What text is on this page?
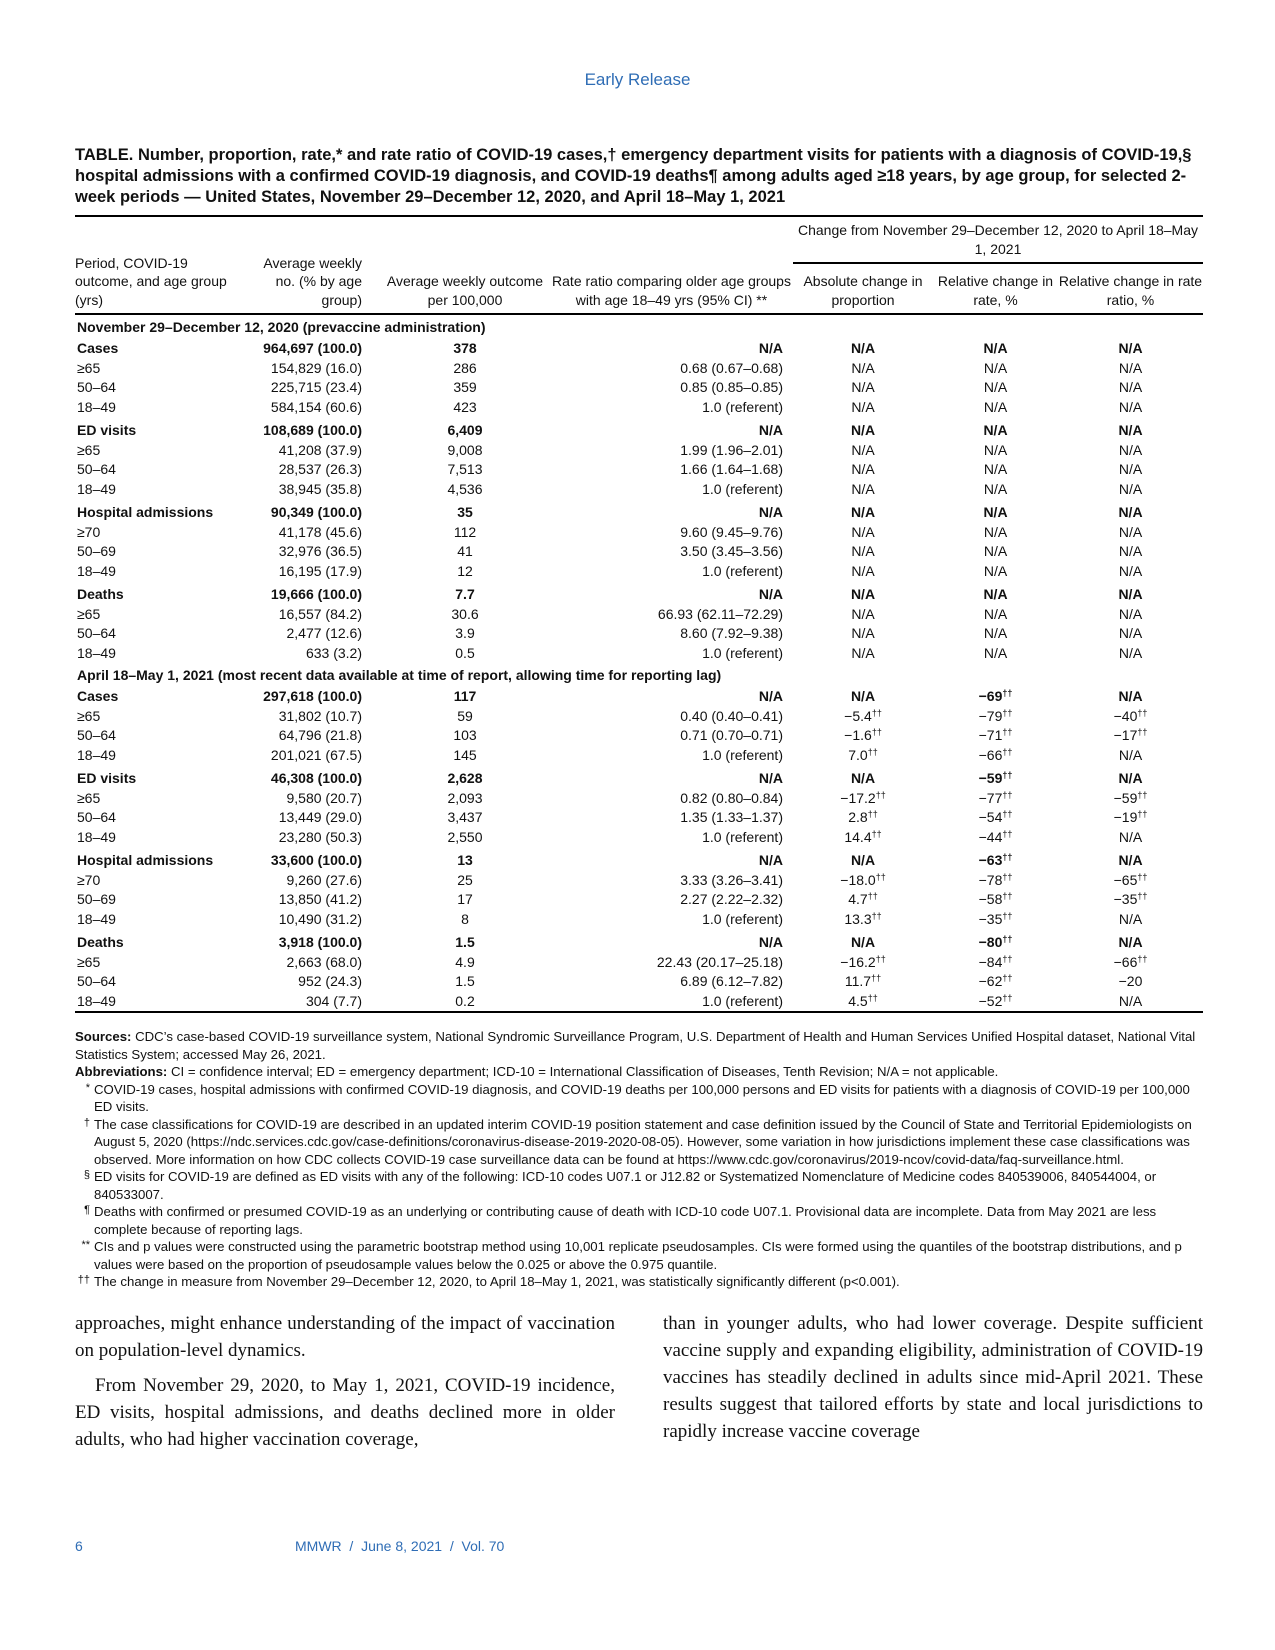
Early Release

TABLE. Number, proportion, rate,* and rate ratio of COVID-19 cases,† emergency department visits for patients with a diagnosis of COVID-19,§ hospital admissions with a confirmed COVID-19 diagnosis, and COVID-19 deaths¶ among adults aged ≥18 years, by age group, for selected 2-week periods — United States, November 29–December 12, 2020, and April 18–May 1, 2021

Period, COVID-19 outcome, and age group (yrs)	Average weekly no. (% by age group)	Average weekly outcome per 100,000	Rate ratio comparing older age groups with age 18–49 yrs (95% CI) **	Change from November 29–December 12, 2020 to April 18–May 1, 2021		
				Absolute change in proportion	Relative change in rate, %	Relative change in rate ratio, %
November 29–December 12, 2020 (prevaccine administration)						
Cases	964,697 (100.0)	378	N/A	N/A	N/A	N/A
≥65	154,829 (16.0)	286	0.68 (0.67–0.68)	N/A	N/A	N/A
50–64	225,715 (23.4)	359	0.85 (0.85–0.85)	N/A	N/A	N/A
18–49	584,154 (60.6)	423	1.0 (referent)	N/A	N/A	N/A
ED visits	108,689 (100.0)	6,409	N/A	N/A	N/A	N/A
≥65	41,208 (37.9)	9,008	1.99 (1.96–2.01)	N/A	N/A	N/A
50–64	28,537 (26.3)	7,513	1.66 (1.64–1.68)	N/A	N/A	N/A
18–49	38,945 (35.8)	4,536	1.0 (referent)	N/A	N/A	N/A
Hospital admissions	90,349 (100.0)	35	N/A	N/A	N/A	N/A
≥70	41,178 (45.6)	112	9.60 (9.45–9.76)	N/A	N/A	N/A
50–69	32,976 (36.5)	41	3.50 (3.45–3.56)	N/A	N/A	N/A
18–49	16,195 (17.9)	12	1.0 (referent)	N/A	N/A	N/A
Deaths	19,666 (100.0)	7.7	N/A	N/A	N/A	N/A
≥65	16,557 (84.2)	30.6	66.93 (62.11–72.29)	N/A	N/A	N/A
50–64	2,477 (12.6)	3.9	8.60 (7.92–9.38)	N/A	N/A	N/A
18–49	633 (3.2)	0.5	1.0 (referent)	N/A	N/A	N/A
April 18–May 1, 2021 (most recent data available at time of report, allowing time for reporting lag)						
Cases	297,618 (100.0)	117	N/A	N/A	−69††	N/A
≥65	31,802 (10.7)	59	0.40 (0.40–0.41)	−5.4††	−79††	−40††
50–64	64,796 (21.8)	103	0.71 (0.70–0.71)	−1.6††	−71††	−17††
18–49	201,021 (67.5)	145	1.0 (referent)	7.0††	−66††	N/A
ED visits	46,308 (100.0)	2,628	N/A	N/A	−59††	N/A
≥65	9,580 (20.7)	2,093	0.82 (0.80–0.84)	−17.2††	−77††	−59††
50–64	13,449 (29.0)	3,437	1.35 (1.33–1.37)	2.8††	−54††	−19††
18–49	23,280 (50.3)	2,550	1.0 (referent)	14.4††	−44††	N/A
Hospital admissions	33,600 (100.0)	13	N/A	N/A	−63††	N/A
≥70	9,260 (27.6)	25	3.33 (3.26–3.41)	−18.0††	−78††	−65††
50–69	13,850 (41.2)	17	2.27 (2.22–2.32)	4.7††	−58††	−35††
18–49	10,490 (31.2)	8	1.0 (referent)	13.3††	−35††	N/A
Deaths	3,918 (100.0)	1.5	N/A	N/A	−80††	N/A
≥65	2,663 (68.0)	4.9	22.43 (20.17–25.18)	−16.2††	−84††	−66††
50–64	952 (24.3)	1.5	6.89 (6.12–7.82)	11.7††	−62††	−20
18–49	304 (7.7)	0.2	1.0 (referent)	4.5††	−52††	N/A

Sources: CDC’s case-based COVID-19 surveillance system, National Syndromic Surveillance Program, U.S. Department of Health and Human Services Unified Hospital dataset, National Vital Statistics System; accessed May 26, 2021.

Abbreviations: CI = confidence interval; ED = emergency department; ICD-10 = International Classification of Diseases, Tenth Revision; N/A = not applicable.

* COVID-19 cases, hospital admissions with confirmed COVID-19 diagnosis, and COVID-19 deaths per 100,000 persons and ED visits for patients with a diagnosis of COVID-19 per 100,000 ED visits.

† The case classifications for COVID-19 are described in an updated interim COVID-19 position statement and case definition issued by the Council of State and Territorial Epidemiologists on August 5, 2020 (https://ndc.services.cdc.gov/case-definitions/coronavirus-disease-2019-2020-08-05). However, some variation in how jurisdictions implement these case classifications was observed. More information on how CDC collects COVID-19 case surveillance data can be found at https://www.cdc.gov/coronavirus/2019-ncov/covid-data/faq-surveillance.html.

§ ED visits for COVID-19 are defined as ED visits with any of the following: ICD-10 codes U07.1 or J12.82 or Systematized Nomenclature of Medicine codes 840539006, 840544004, or 840533007.

¶ Deaths with confirmed or presumed COVID-19 as an underlying or contributing cause of death with ICD-10 code U07.1. Provisional data are incomplete. Data from May 2021 are less complete because of reporting lags.

** CIs and p values were constructed using the parametric bootstrap method using 10,001 replicate pseudosamples. CIs were formed using the quantiles of the bootstrap distributions, and p values were based on the proportion of pseudosample values below the 0.025 or above the 0.975 quantile.

†† The change in measure from November 29–December 12, 2020, to April 18–May 1, 2021, was statistically significantly different (p<0.001).

approaches, might enhance understanding of the impact of vaccination on population-level dynamics.

From November 29, 2020, to May 1, 2021, COVID-19 incidence, ED visits, hospital admissions, and deaths declined more in older adults, who had higher vaccination coverage,

than in younger adults, who had lower coverage. Despite sufficient vaccine supply and expanding eligibility, administration of COVID-19 vaccines has steadily declined in adults since mid-April 2021. These results suggest that tailored efforts by state and local jurisdictions to rapidly increase vaccine coverage

6	MMWR  /  June 8, 2021  /  Vol. 70
